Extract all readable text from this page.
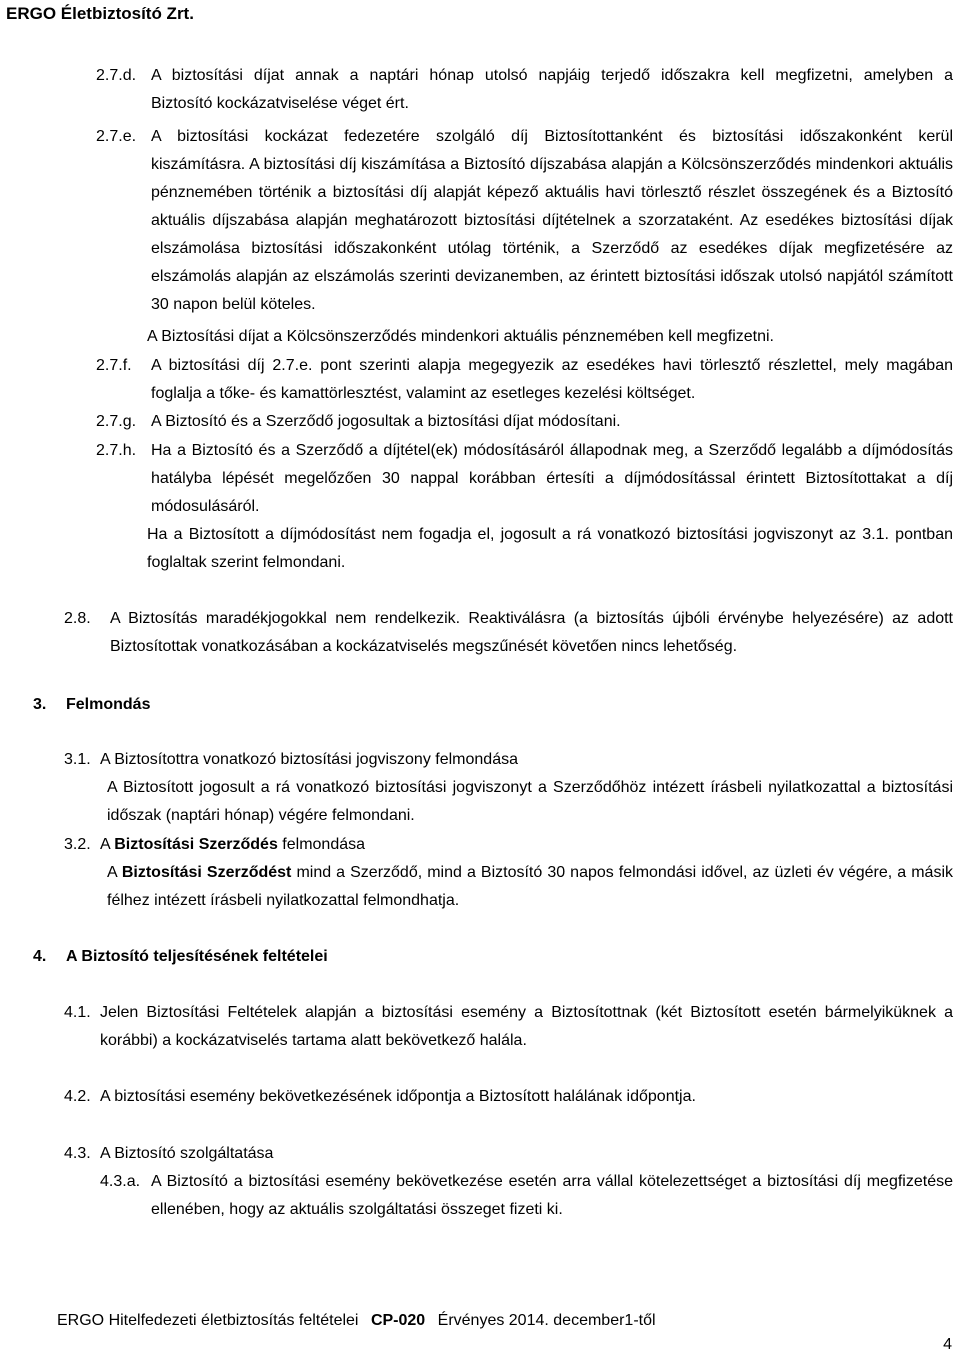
ERGO Életbiztosító Zrt.
2.7.d. A biztosítási díjat annak a naptári hónap utolsó napjáig terjedő időszakra kell megfizetni, amelyben a
Biztosító kockázatviselése véget ért.
2.7.e. A biztosítási kockázat fedezetére szolgáló díj Biztosítottanként és biztosítási időszakonként kerül
kiszámításra. A biztosítási díj kiszámítása a Biztosító díjszabása alapján a Kölcsönszerződés mindenkori aktuális pénznemében történik a biztosítási díj alapját képező aktuális havi törlesztő részlet összegének és a Biztosító aktuális díjszabása alapján meghatározott biztosítási díjtételnek a szorzataként. Az esedékes biztosítási díjak elszámolása biztosítási időszakonként utólag történik, a Szerződő az esedékes díjak megfizetésére az elszámolás alapján az elszámolás szerinti devizanemben, az érintett biztosítási időszak utolsó napjától számított 30 napon belül köteles.
A Biztosítási díjat a Kölcsönszerződés mindenkori aktuális pénznemében kell megfizetni.
2.7.f. A biztosítási díj 2.7.e. pont szerinti alapja megegyezik az esedékes havi törlesztő részlettel, mely magában foglalja a tőke- és kamattörlesztést, valamint az esetleges kezelési költséget.
2.7.g. A Biztosító és a Szerződő jogosultak a biztosítási díjat módosítani.
2.7.h. Ha a Biztosító és a Szerződő a díjtétel(ek) módosításáról állapodnak meg, a Szerződő legalább a díjmódosítás hatályba lépését megelőzően 30 nappal korábban értesíti a díjmódosítással érintett Biztosítottakat a díj módosulásáról.
Ha a Biztosított a díjmódosítást nem fogadja el, jogosult a rá vonatkozó biztosítási jogviszonyt az 3.1. pontban foglaltak szerint felmondani.
2.8. A Biztosítás maradékjogokkal nem rendelkezik. Reaktiválásra (a biztosítás újbóli érvénybe helyezésére) az adott Biztosítottak vonatkozásában a kockázatviselés megszűnését követően nincs lehetőség.
3. Felmondás
3.1. A Biztosítottra vonatkozó biztosítási jogviszony felmondása
A Biztosított jogosult a rá vonatkozó biztosítási jogviszonyt a Szerződőhöz intézett írásbeli nyilatkozattal a biztosítási időszak (naptári hónap) végére felmondani.
3.2. A Biztosítási Szerződés felmondása
A Biztosítási Szerződést mind a Szerződő, mind a Biztosító 30 napos felmondási idővel, az üzleti év végére, a másik félhez intézett írásbeli nyilatkozattal felmondhatja.
4. A Biztosító teljesítésének feltételei
4.1. Jelen Biztosítási Feltételek alapján a biztosítási esemény a Biztosítottnak (két Biztosított esetén bármelyiküknek a korábbi) a kockázatviselés tartama alatt bekövetkező halála.
4.2. A biztosítási esemény bekövetkezésének időpontja a Biztosított halálának időpontja.
4.3. A Biztosító szolgáltatása
4.3.a. A Biztosító a biztosítási esemény bekövetkezése esetén arra vállal kötelezettséget a biztosítási díj megfizetése ellenében, hogy az aktuális szolgáltatási összeget fizeti ki.
ERGO Hitelfedezeti életbiztosítás feltételei CP-020 Érvényes 2014. december1-től
4
